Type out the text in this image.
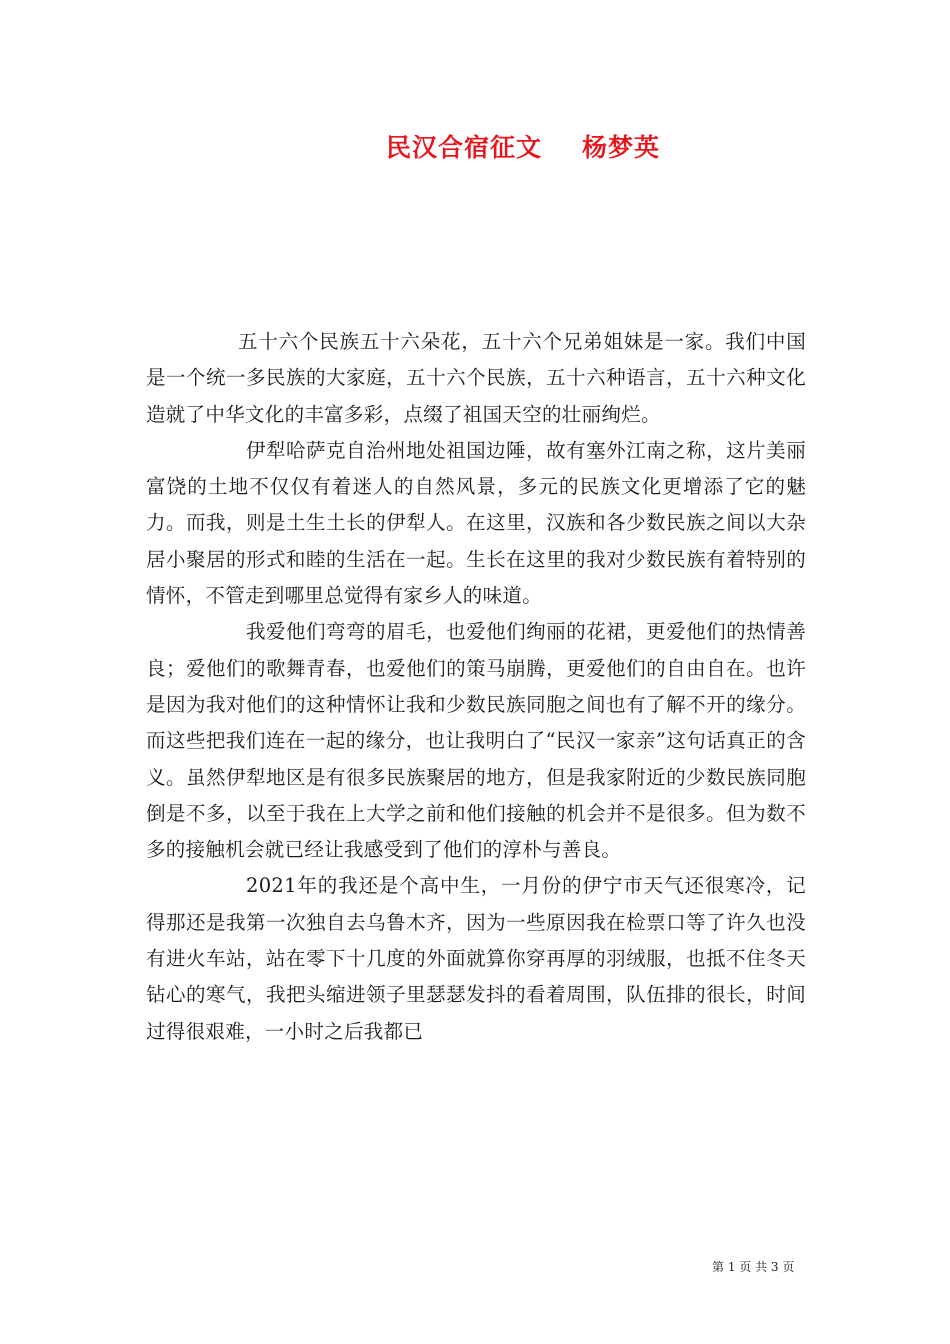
民汉合宿征文 杨梦英

五十六个民族五十六朵花，五十六个兄弟姐妹是一家。我们中国是一个统一多民族的大家庭，五十六个民族，五十六种语言，五十六种文化造就了中华文化的丰富多彩，点缀了祖国天空的壮丽绚烂。

伊犁哈萨克自治州地处祖国边陲，故有塞外江南之称，这片美丽富饶的土地不仅仅有着迷人的自然风景，多元的民族文化更增添了它的魅力。而我，则是土生土长的伊犁人。在这里，汉族和各少数民族之间以大杂居小聚居的形式和睦的生活在一起。生长在这里的我对少数民族有着特别的情怀，不管走到哪里总觉得有家乡人的味道。

我爱他们弯弯的眉毛，也爱他们绚丽的花裙，更爱他们的热情善良；爱他们的歌舞青春，也爱他们的策马崩腾，更爱他们的自由自在。也许是因为我对他们的这种情怀让我和少数民族同胞之间也有了解不开的缘分。而这些把我们连在一起的缘分，也让我明白了“民汉一家亲”这句话真正的含义。虽然伊犁地区是有很多民族聚居的地方，但是我家附近的少数民族同胞倒是不多，以至于我在上大学之前和他们接触的机会并不是很多。但为数不多的接触机会就已经让我感受到了他们的淳朴与善良。

2021年的我还是个高中生，一月份的伊宁市天气还很寒冷，记得那还是我第一次独自去乌鲁木齐，因为一些原因我在检票口等了许久也没有进火车站，站在零下十几度的外面就算你穿再厚的羽绒服，也抵不住冬天钻心的寒气，我把头缩进领子里瑟瑟发抖的看着周围，队伍排的很长，时间过得很艰难，一小时之后我都已

第 1 页 共 3 页
